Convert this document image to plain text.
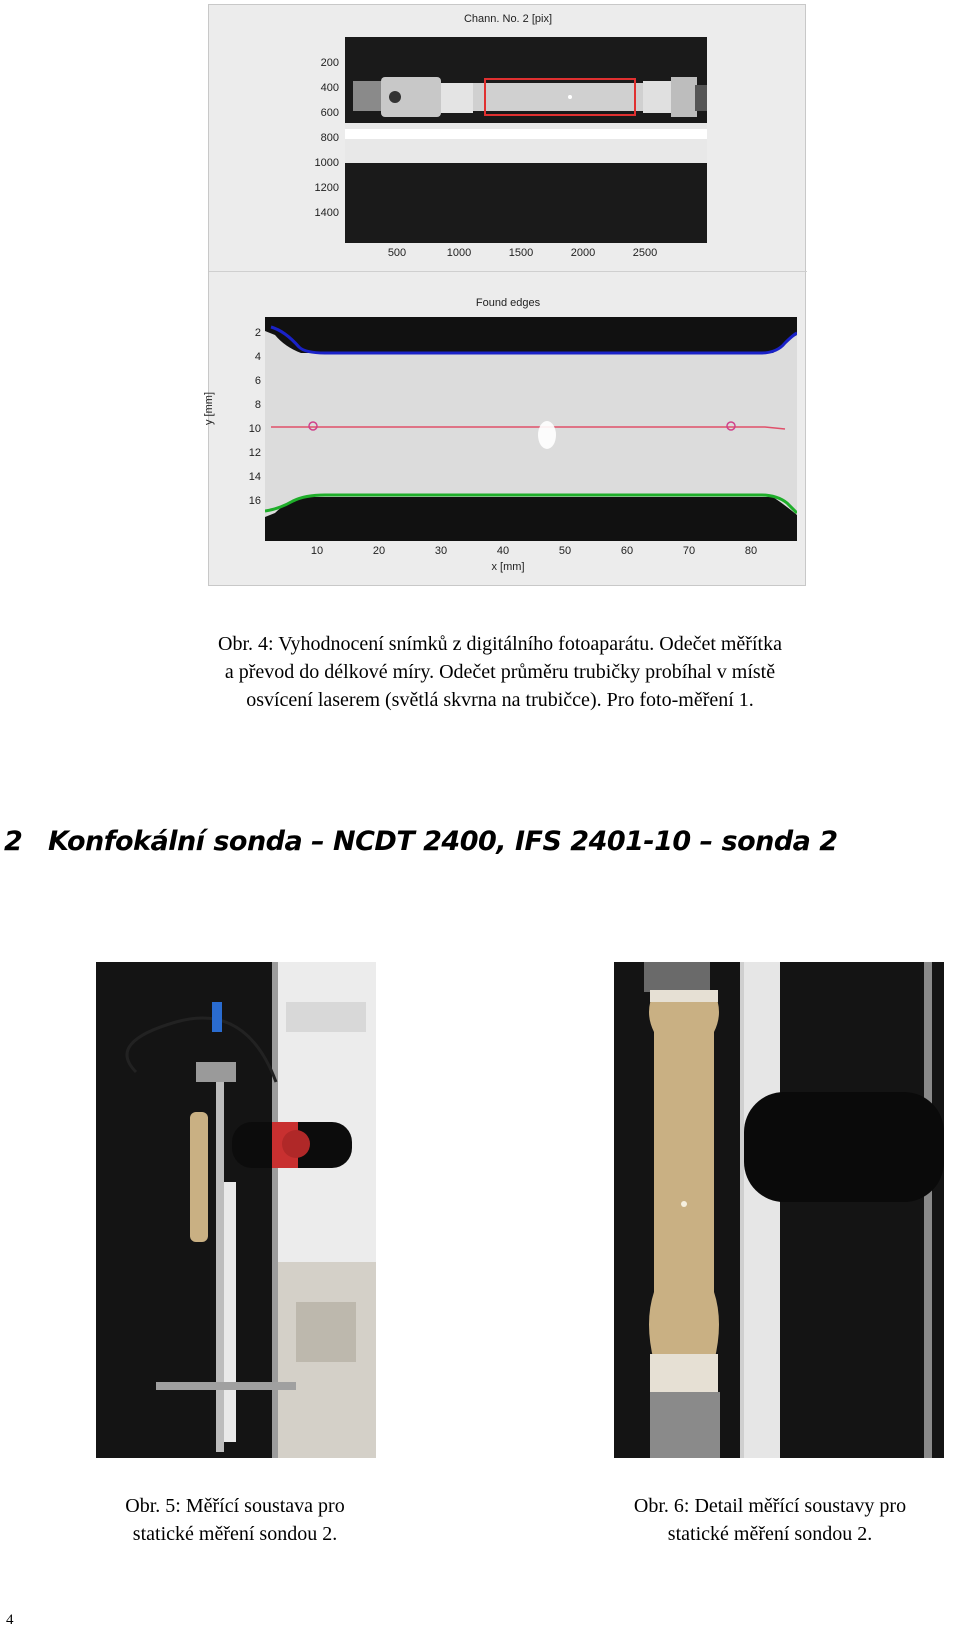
Chann. No. 2 [pix]
200
400
600
800
1000
1200
1400
500	1000	1500	2000	2500
Found edges
2
4
6
8
10
12
14
16
y [mm]
10	20	30	40	50	60	70	80
x [mm]
Obr. 4: Vyhodnocení snímků z digitálního fotoaparátu. Odečet měřítka
a převod do délkové míry. Odečet průměru trubičky probíhal v místě
osvícení laserem (světlá skvrna na trubičce). Pro foto-měření 1.
2 Konfokální sonda – NCDT 2400, IFS 2401-10 – sonda 2
Obr. 5: Měřící soustava pro
statické měření sondou 2.
Obr. 6: Detail měřící soustavy pro
statické měření sondou 2.
4
